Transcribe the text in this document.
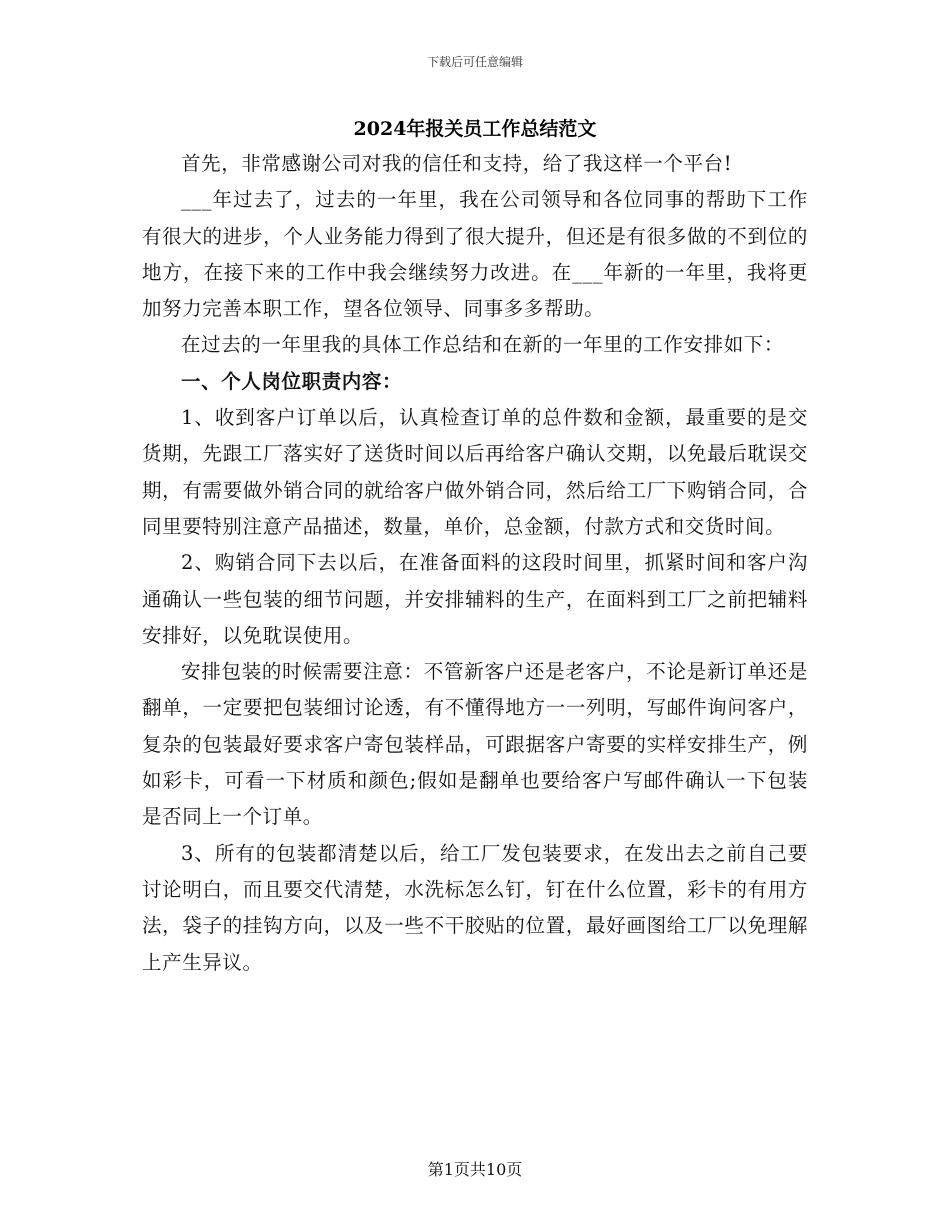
下载后可任意编辑
2024年报关员工作总结范文

首先，非常感谢公司对我的信任和支持，给了我这样一个平台!

___年过去了，过去的一年里，我在公司领导和各位同事的帮助下工作有很大的进步，个人业务能力得到了很大提升，但还是有很多做的不到位的地方，在接下来的工作中我会继续努力改进。在___年新的一年里，我将更加努力完善本职工作，望各位领导、同事多多帮助。

在过去的一年里我的具体工作总结和在新的一年里的工作安排如下：

一、个人岗位职责内容：

1、收到客户订单以后，认真检查订单的总件数和金额，最重要的是交货期，先跟工厂落实好了送货时间以后再给客户确认交期，以免最后耽误交期，有需要做外销合同的就给客户做外销合同，然后给工厂下购销合同，合同里要特别注意产品描述，数量，单价，总金额，付款方式和交货时间。

2、购销合同下去以后，在准备面料的这段时间里，抓紧时间和客户沟通确认一些包装的细节问题，并安排辅料的生产，在面料到工厂之前把辅料安排好，以免耽误使用。

安排包装的时候需要注意：不管新客户还是老客户，不论是新订单还是翻单，一定要把包装细讨论透，有不懂得地方一一列明，写邮件询问客户，复杂的包装最好要求客户寄包装样品，可跟据客户寄要的实样安排生产，例如彩卡，可看一下材质和颜色;假如是翻单也要给客户写邮件确认一下包装是否同上一个订单。

3、所有的包装都清楚以后，给工厂发包装要求，在发出去之前自己要讨论明白，而且要交代清楚，水洗标怎么钉，钉在什么位置，彩卡的有用方法，袋子的挂钩方向，以及一些不干胶贴的位置，最好画图给工厂以免理解上产生异议。

第1页共10页
